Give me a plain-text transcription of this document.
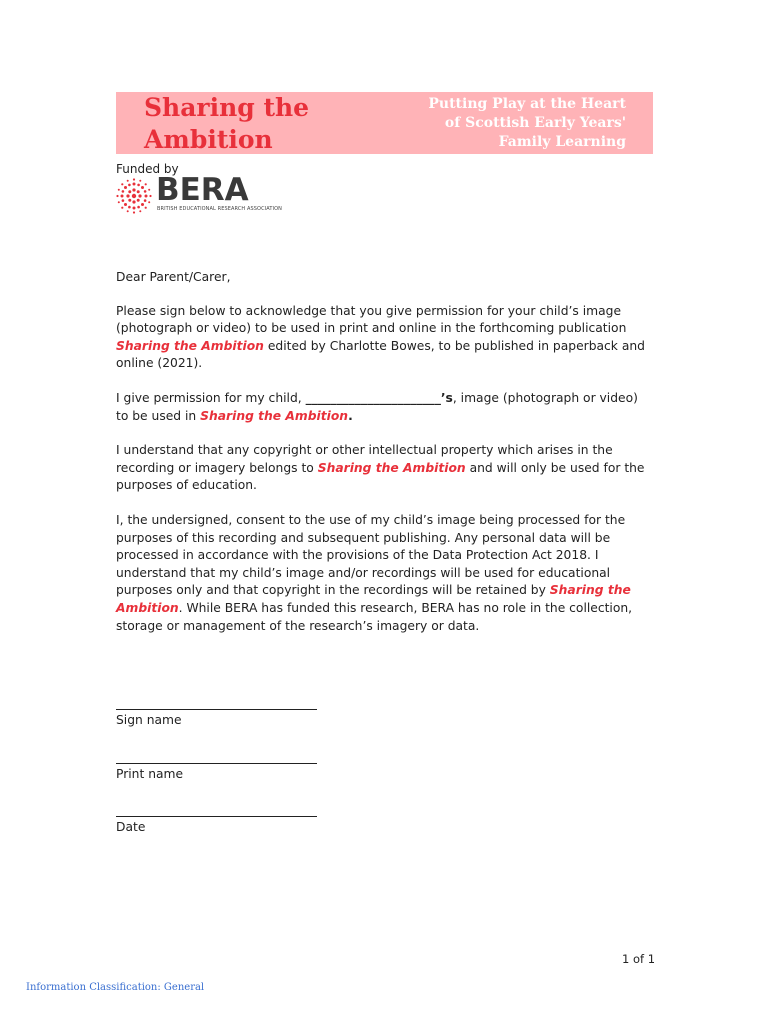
Sharing the
Ambition
Putting Play at the Heart
of Scottish Early Years'
Family Learning
Funded by
BERA
BRITISH EDUCATIONAL RESEARCH ASSOCIATION

Dear Parent/Carer,

Please sign below to acknowledge that you give permission for your child’s image (photograph or video) to be used in print and online in the forthcoming publication Sharing the Ambition edited by Charlotte Bowes, to be published in paperback and online (2021).

I give permission for my child, ______________________’s, image (photograph or video) to be used in Sharing the Ambition.

I understand that any copyright or other intellectual property which arises in the recording or imagery belongs to Sharing the Ambition and will only be used for the purposes of education.

I, the undersigned, consent to the use of my child’s image being processed for the purposes of this recording and subsequent publishing. Any personal data will be processed in accordance with the provisions of the Data Protection Act 2018. I understand that my child’s image and/or recordings will be used for educational purposes only and that copyright in the recordings will be retained by Sharing the Ambition. While BERA has funded this research, BERA has no role in the collection, storage or management of the research’s imagery or data.

Sign name
Print name
Date
1 of 1
Information Classification: General
